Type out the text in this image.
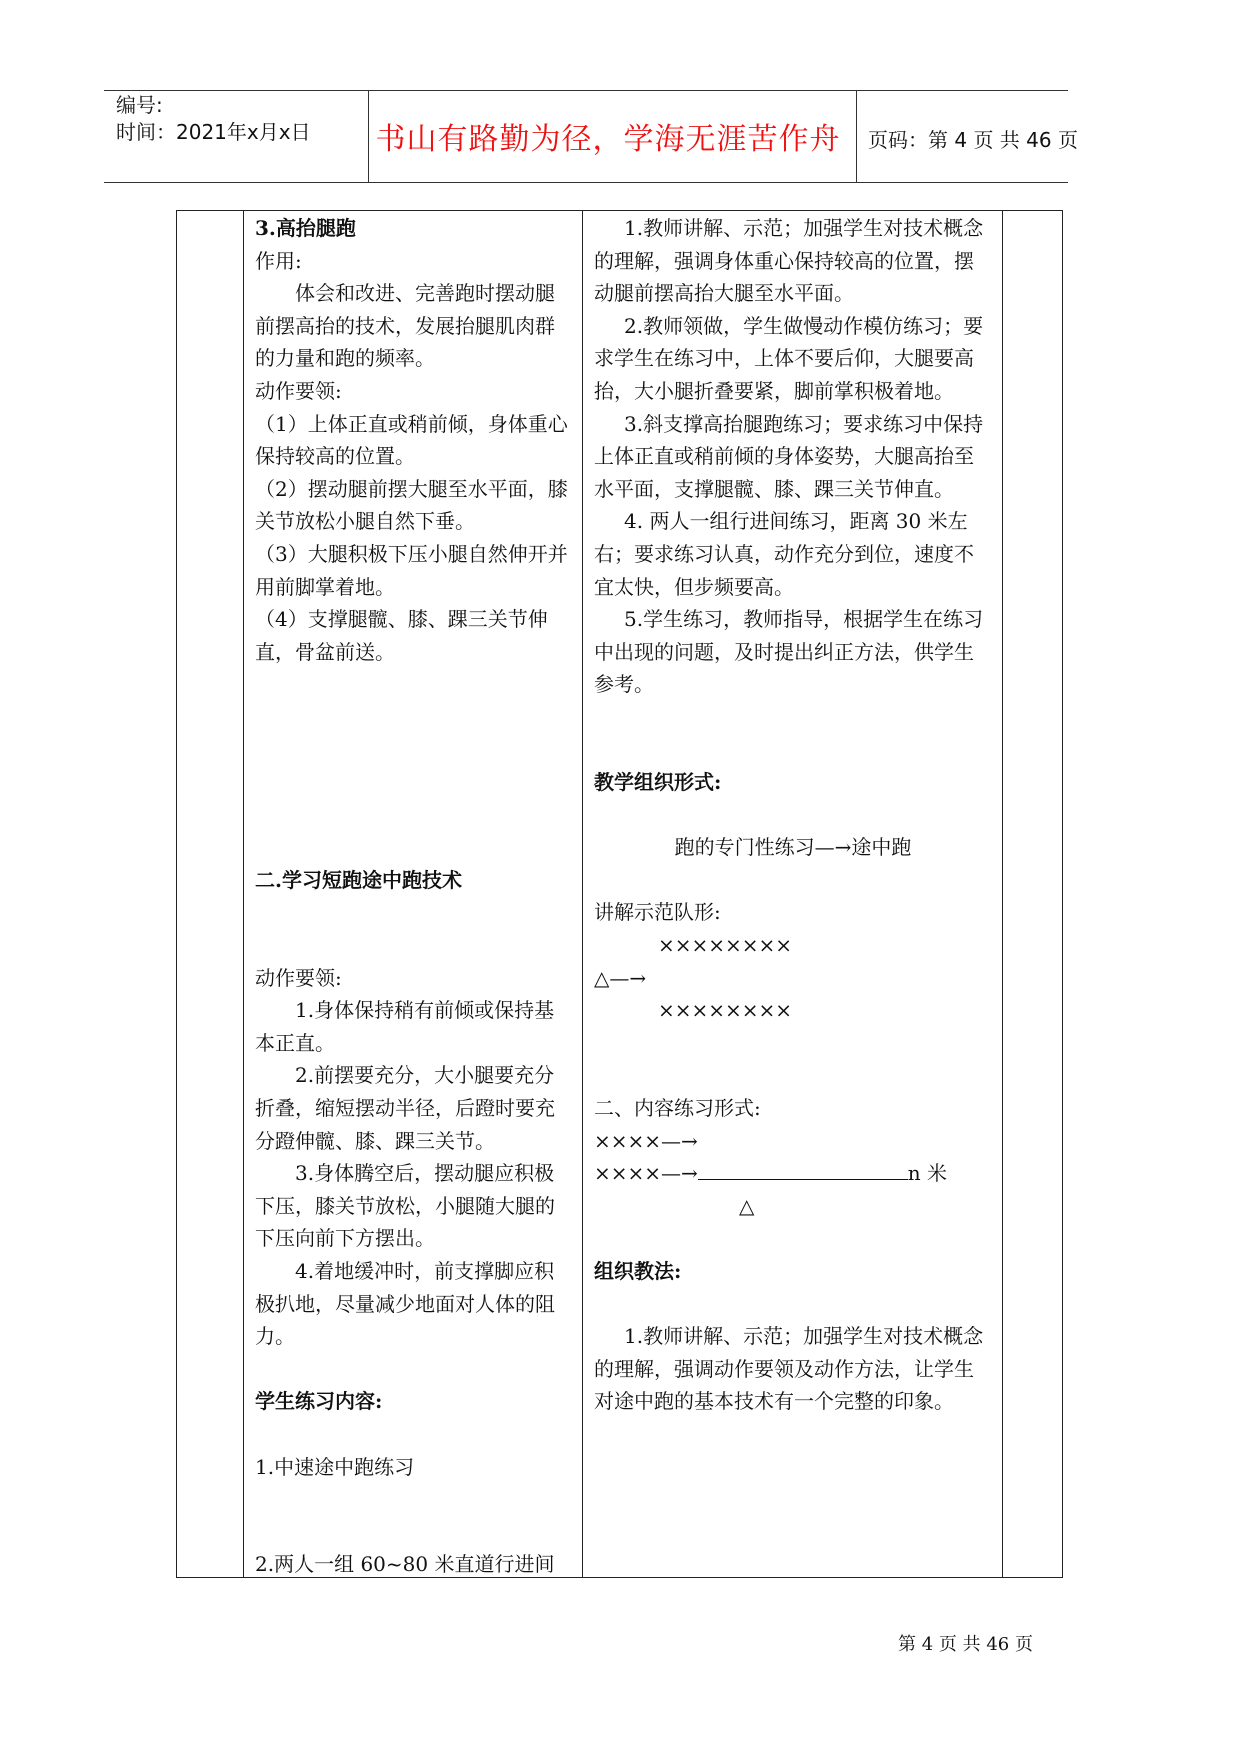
编号:
时间：2021年x月x日 书山有路勤为径，学海无涯苦作舟	页码：第 4 页 共 46 页

3.高抬腿跑

作用:

体会和改进、完善跑时摆动腿前摆高抬的技术，发展抬腿肌肉群的力量和跑的频率。

动作要领:

（1）上体正直或稍前倾，身体重心保持较高的位置。

（2）摆动腿前摆大腿至水平面，膝关节放松小腿自然下垂。

（3）大腿积极下压小腿自然伸开并用前脚掌着地。

（4）支撑腿髋、膝、踝三关节伸直，骨盆前送。

二.学习短跑途中跑技术

动作要领:

1.身体保持稍有前倾或保持基本正直。

2.前摆要充分，大小腿要充分折叠，缩短摆动半径，后蹬时要充分蹬伸髋、膝、踝三关节。

3.身体腾空后，摆动腿应积极下压，膝关节放松，小腿随大腿的下压向前下方摆出。

4.着地缓冲时，前支撑脚应积极扒地，尽量减少地面对人体的阻力。

学生练习内容:

1.中速途中跑练习

2.两人一组 60~80 米直道行进间

1.教师讲解、示范；加强学生对技术概念的理解，强调身体重心保持较高的位置，摆动腿前摆高抬大腿至水平面。

2.教师领做，学生做慢动作模仿练习；要求学生在练习中，上体不要后仰，大腿要高抬，大小腿折叠要紧，脚前掌积极着地。

3.斜支撑高抬腿跑练习；要求练习中保持上体正直或稍前倾的身体姿势，大腿高抬至水平面，支撑腿髋、膝、踝三关节伸直。

4. 两人一组行进间练习，距离 30 米左右；要求练习认真，动作充分到位，速度不宜太快，但步频要高。

5.学生练习，教师指导，根据学生在练习中出现的问题，及时提出纠正方法，供学生参考。

教学组织形式:

跑的专门性练习—→途中跑

讲解示范队形:

××××××××

△—→

××××××××

二、内容练习形式:

××××—→

××××—→	n 米

△

组织教法:

1.教师讲解、示范；加强学生对技术概念的理解，强调动作要领及动作方法，让学生对途中跑的基本技术有一个完整的印象。

第 4 页 共 46 页
